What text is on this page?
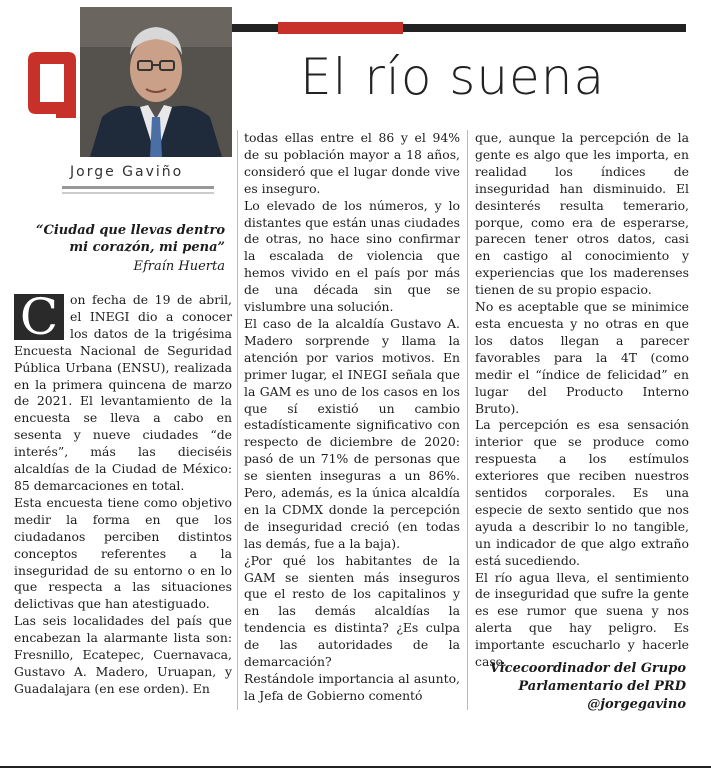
El río suena
Jorge Gaviño
“Ciudad que llevas dentro mi corazón, mi pena”
Efraín Huerta
C on fecha de 19 de abril, el INEGI dio a conocer los datos de la trigésima Encuesta Nacional de Seguridad Pública Urbana (ENSU), realizada en la primera quincena de marzo de 2021. El levantamiento de la encuesta se lleva a cabo en sesenta y nueve ciudades “de interés”, más las dieciséis alcaldías de la Ciudad de México: 85 demarcaciones en total.

Esta encuesta tiene como objetivo medir la forma en que los ciudadanos perciben distintos conceptos referentes a la inseguridad de su entorno o en lo que respecta a las situaciones delictivas que han atestiguado.

Las seis localidades del país que encabezan la alarmante lista son: Fresnillo, Ecatepec, Cuernavaca, Gustavo A. Madero, Uruapan, y Guadalajara (en ese orden). En

todas ellas entre el 86 y el 94% de su población mayor a 18 años, consideró que el lugar donde vive es inseguro.

Lo elevado de los números, y lo distantes que están unas ciudades de otras, no hace sino confirmar la escalada de violencia que hemos vivido en el país por más de una década sin que se vislumbre una solución.

El caso de la alcaldía Gustavo A. Madero sorprende y llama la atención por varios motivos. En primer lugar, el INEGI señala que la GAM es uno de los casos en los que sí existió un cambio estadísticamente significativo con respecto de diciembre de 2020: pasó de un 71% de personas que se sienten inseguras a un 86%. Pero, además, es la única alcaldía en la CDMX donde la percepción de inseguridad creció (en todas las demás, fue a la baja).

¿Por qué los habitantes de la GAM se sienten más inseguros que el resto de los capitalinos y en las demás alcaldías la tendencia es distinta? ¿Es culpa de las autoridades de la demarcación?

Restándole importancia al asunto, la Jefa de Gobierno comentó

que, aunque la percepción de la gente es algo que les importa, en realidad los índices de inseguridad han disminuido. El desinterés resulta temerario, porque, como era de esperarse, parecen tener otros datos, casi en castigo al conocimiento y experiencias que los maderenses tienen de su propio espacio.

No es aceptable que se minimice esta encuesta y no otras en que los datos llegan a parecer favorables para la 4T (como medir el “índice de felicidad” en lugar del Producto Interno Bruto).

La percepción es esa sensación interior que se produce como respuesta a los estímulos exteriores que reciben nuestros sentidos corporales. Es una especie de sexto sentido que nos ayuda a describir lo no tangible, un indicador de que algo extraño está sucediendo.

El río agua lleva, el sentimiento de inseguridad que sufre la gente es ese rumor que suena y nos alerta que hay peligro. Es importante escucharlo y hacerle caso.

Vicecoordinador del Grupo
Parlamentario del PRD
@jorgegavino
